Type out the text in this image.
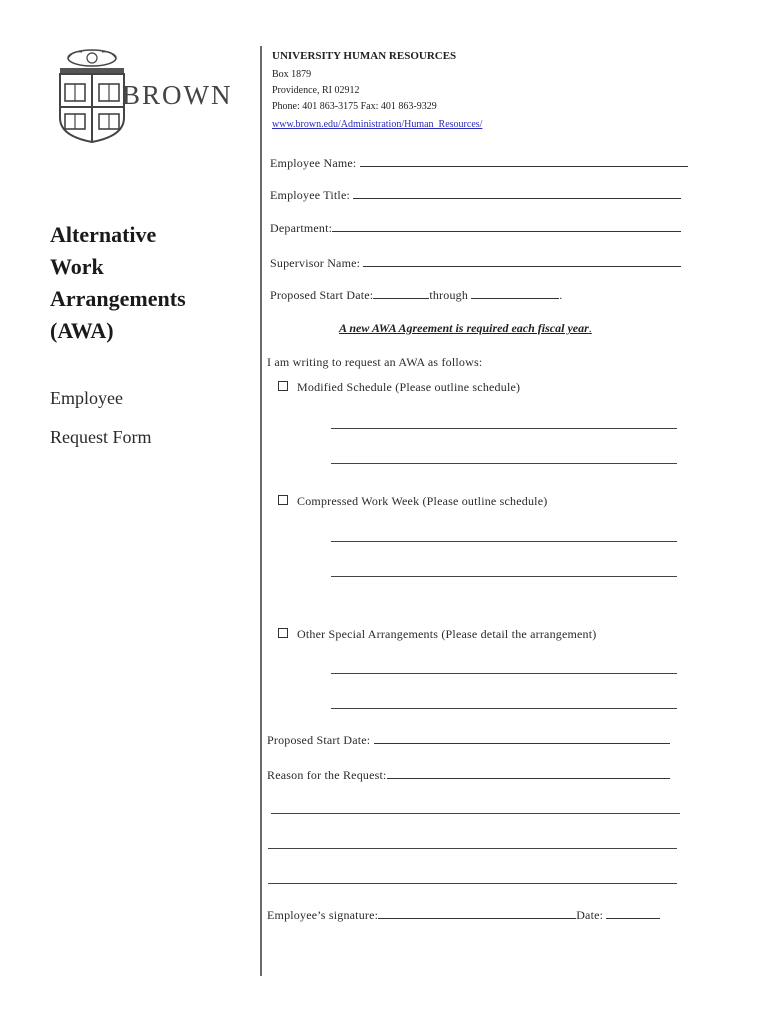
BROWN
UNIVERSITY HUMAN RESOURCES
Box 1879
Providence, RI 02912
Phone: 401 863-3175 Fax: 401 863-9329
www.brown.edu/Administration/Human_Resources/
Alternative
Work
Arrangements
(AWA)
Employee
Request Form
Employee Name:
Employee Title:
Department:
Supervisor Name:
Proposed Start Date:	through	.
A new AWA Agreement is required each fiscal year.
I am writing to request an AWA as follows:
Modified Schedule (Please outline schedule)
Compressed Work Week (Please outline schedule)
Other Special Arrangements (Please detail the arrangement)
Proposed Start Date:
Reason for the Request:
Employee’s signature:	Date:
